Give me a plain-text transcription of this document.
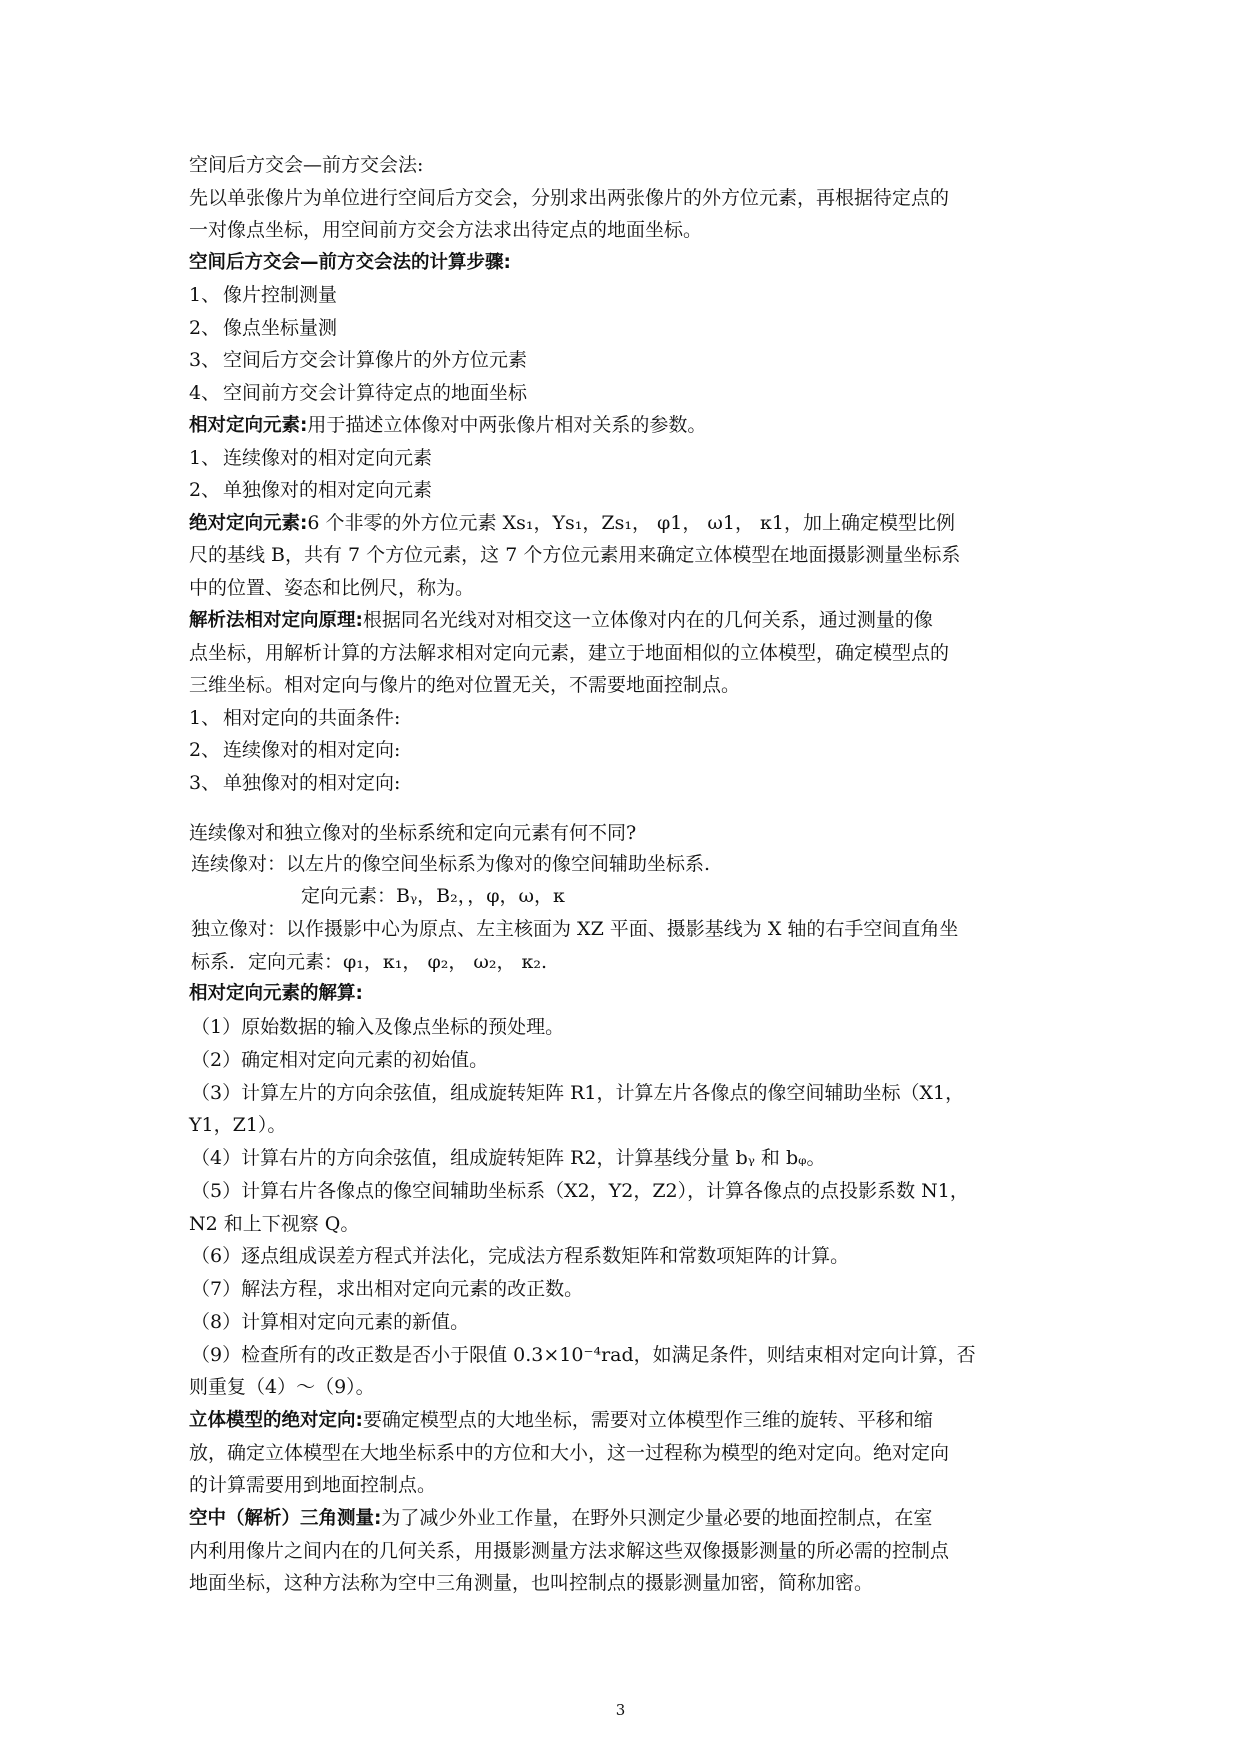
空间后方交会—前方交会法:
先以单张像片为单位进行空间后方交会，分别求出两张像片的外方位元素，再根据待定点的
一对像点坐标，用空间前方交会方法求出待定点的地面坐标。
空间后方交会—前方交会法的计算步骤:
1、 像片控制测量
2、 像点坐标量测
3、 空间后方交会计算像片的外方位元素
4、 空间前方交会计算待定点的地面坐标
相对定向元素:用于描述立体像对中两张像片相对关系的参数。
1、 连续像对的相对定向元素
2、 单独像对的相对定向元素
绝对定向元素:6 个非零的外方位元素 Xs₁，Ys₁，Zs₁， φ1， ω1， κ1，加上确定模型比例
尺的基线 B，共有 7 个方位元素，这 7 个方位元素用来确定立体模型在地面摄影测量坐标系
中的位置、姿态和比例尺，称为。
解析法相对定向原理:根据同名光线对对相交这一立体像对内在的几何关系，通过测量的像
点坐标，用解析计算的方法解求相对定向元素，建立于地面相似的立体模型，确定模型点的
三维坐标。相对定向与像片的绝对位置无关，不需要地面控制点。
1、 相对定向的共面条件:
2、 连续像对的相对定向:
3、 单独像对的相对定向:
连续像对和独立像对的坐标系统和定向元素有何不同?
连续像对：以左片的像空间坐标系为像对的像空间辅助坐标系.
定向元素：Bᵧ，B₂，，φ，ω，κ
独立像对：以作摄影中心为原点、左主核面为 XZ 平面、摄影基线为 X 轴的右手空间直角坐
标系．定向元素：φ₁，κ₁， φ₂， ω₂， κ₂.
相对定向元素的解算:
（1）原始数据的输入及像点坐标的预处理。
（2）确定相对定向元素的初始值。
（3）计算左片的方向余弦值，组成旋转矩阵 R1，计算左片各像点的像空间辅助坐标（X1，
Y1，Z1）。
（4）计算右片的方向余弦值，组成旋转矩阵 R2，计算基线分量 bᵧ 和 bᵩ。
（5）计算右片各像点的像空间辅助坐标系（X2，Y2，Z2），计算各像点的点投影系数 N1，
N2 和上下视察 Q。
（6）逐点组成误差方程式并法化，完成法方程系数矩阵和常数项矩阵的计算。
（7）解法方程，求出相对定向元素的改正数。
（8）计算相对定向元素的新值。
（9）检查所有的改正数是否小于限值 0.3×10⁻⁴rad，如满足条件，则结束相对定向计算，否
则重复（4）～（9）。
立体模型的绝对定向:要确定模型点的大地坐标，需要对立体模型作三维的旋转、平移和缩
放，确定立体模型在大地坐标系中的方位和大小，这一过程称为模型的绝对定向。绝对定向
的计算需要用到地面控制点。
空中（解析）三角测量:为了减少外业工作量，在野外只测定少量必要的地面控制点，在室
内利用像片之间内在的几何关系，用摄影测量方法求解这些双像摄影测量的所必需的控制点
地面坐标，这种方法称为空中三角测量，也叫控制点的摄影测量加密，简称加密。
3
